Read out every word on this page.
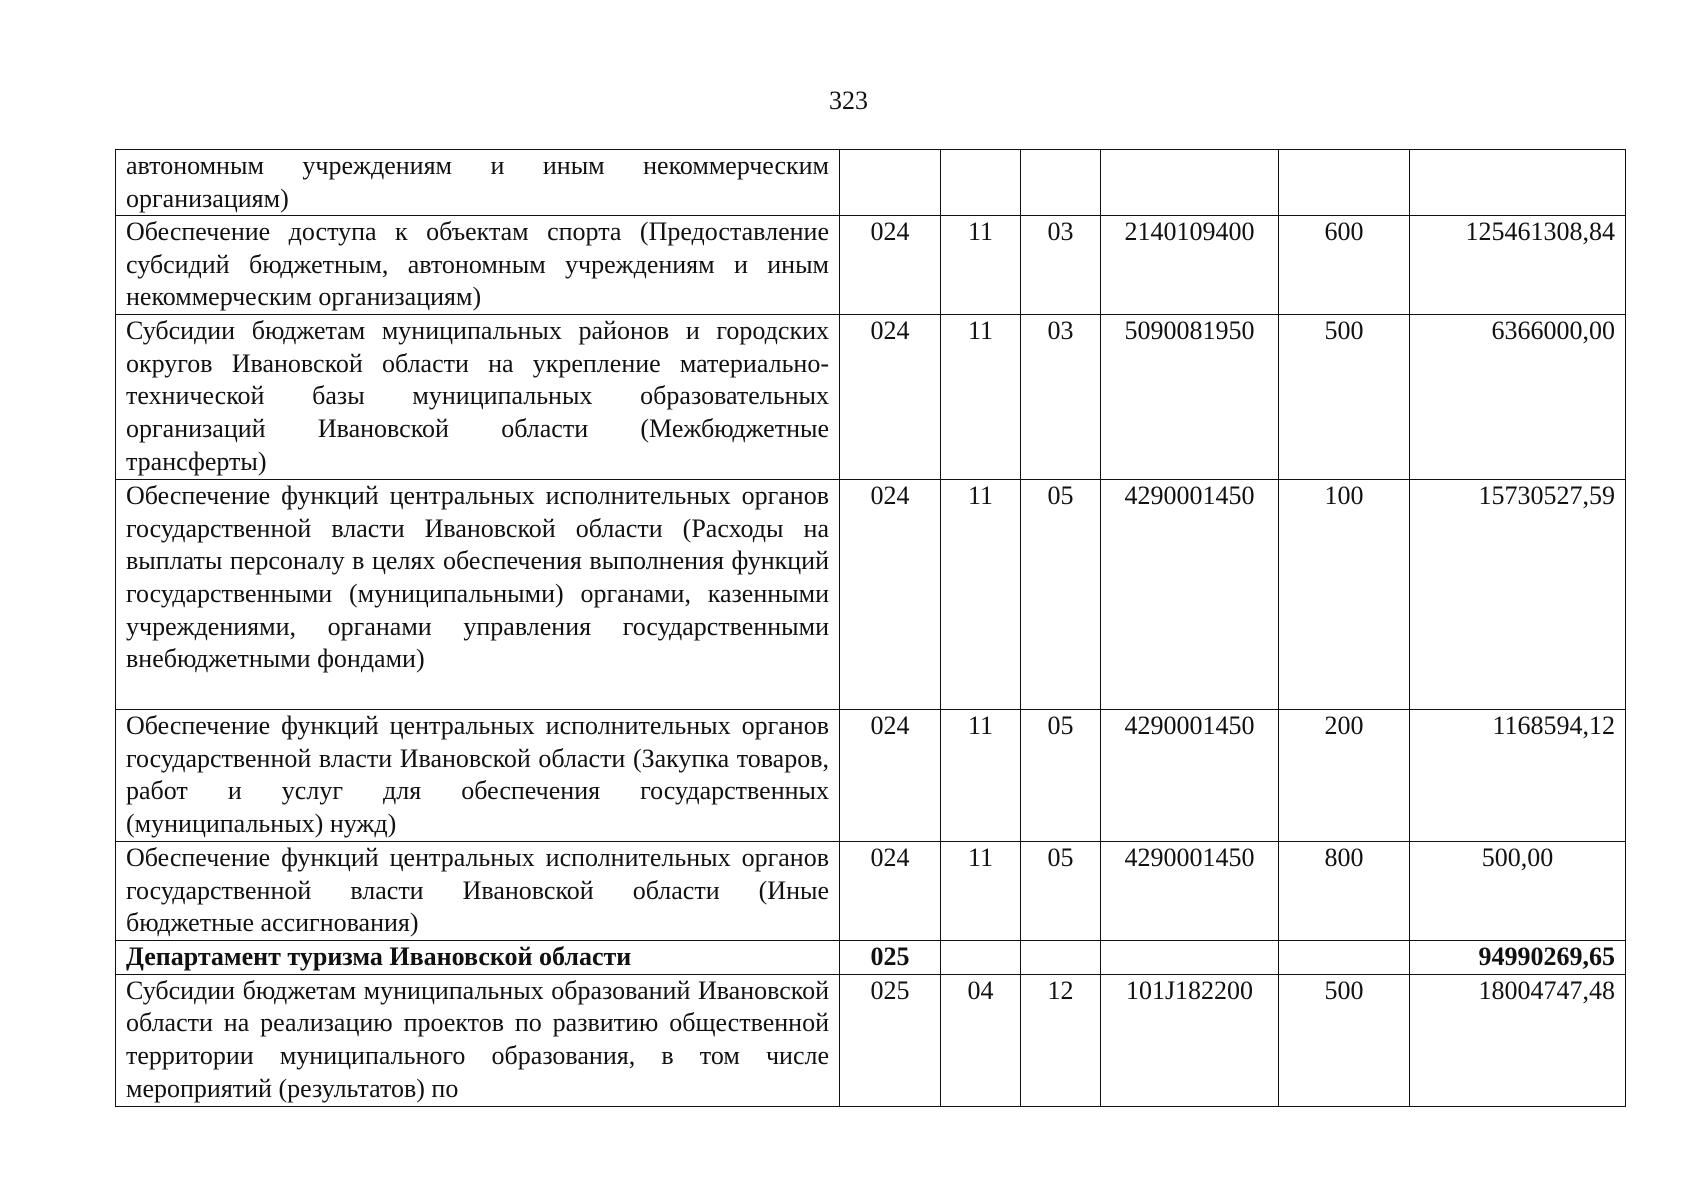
323
автономным учреждениям и иным некоммерческим организациям)						
Обеспечение доступа к объектам спорта (Предоставление субсидий бюджетным, автономным учреждениям и иным некоммерческим организациям)	024	11	03	2140109400	600	125461308,84
Субсидии бюджетам муниципальных районов и городских округов Ивановской области на укрепление материально-технической базы муниципальных образовательных организаций Ивановской области (Межбюджетные трансферты)	024	11	03	5090081950	500	6366000,00
Обеспечение функций центральных исполнительных органов государственной власти Ивановской области (Расходы на выплаты персоналу в целях обеспечения выполнения функций государственными (муниципальными) органами, казенными учреждениями, органами управления государственными внебюджетными фондами)	024	11	05	4290001450	100	15730527,59
Обеспечение функций центральных исполнительных органов государственной власти Ивановской области (Закупка товаров, работ и услуг для обеспечения государственных (муниципальных) нужд)	024	11	05	4290001450	200	1168594,12
Обеспечение функций центральных исполнительных органов государственной власти Ивановской области (Иные бюджетные ассигнования)	024	11	05	4290001450	800	500,00
Департамент туризма Ивановской области	025					94990269,65
Субсидии бюджетам муниципальных образований Ивановской области на реализацию проектов по развитию общественной территории муниципального образования, в том числе мероприятий (результатов) по	025	04	12	101J182200	500	18004747,48
